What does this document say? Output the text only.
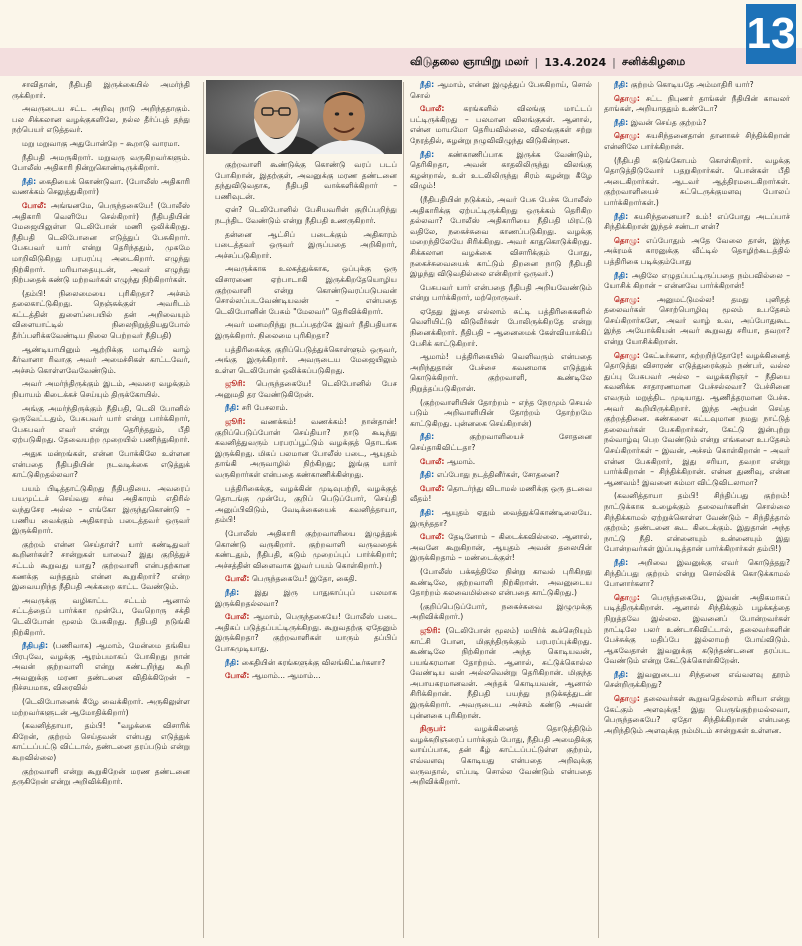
விடுதலை ஞாயிறு மலர் | 13.4.2024 | சனிக்கிழமை
13

சாவிதான், நீதிபதி இருக்கையில் அமர்ந்தி ருக்கிறார்.

அவருடைய சட்ட அறிவு நாடு அறிந்ததாகும். பல சிக்கலான வழக்குகளிலே, நல்ல தீர்ப்புத் தந்து நற்பெயர் எடுத்தவர்.

மறு மறுவாகு அதுபோன்றே – கூறாடு வாரமா.

நீதிபதி அமருகிறார். மறுவரு வருகிறவர்களும். போலீஸ் அதிகாரி நின்றுகொண்டிருக்கிறார்.

நீதி: கைதியைக் கொண்டுவா. (போலீஸ் அதிகாரி வணக்கம் செலுத்துகிறார்)

போலீ: அங்ஙனமே, பெருந்தகையே! (போலீஸ் அதிகாரி வெளியே செல்கிறார்) நீதிபதியின் மேஜையிலுள்ள டெலிபோன் மணி ஒலிக்கிறது. நீதிபதி டெலிபோனை எடுத்துப் பேசுகிறார். பேசுபவர் யார் என்று தெரிந்ததும், முகமே மாறிவிடுகிறது பரபரப்பு அடைகிறார். எழுந்து நிற்கிறார். மரியாதையுடன், அவர் எழுந்து நிற்பதைக் கண்டு மற்றவர்கள் எழுந்து நிற்கிறார்கள்.

(தம்பி! நிலைமையை புரிகிறதா? அச்சம் தலைகாட்டுகிறது. நெஞ்சுக்குள் அவரிடம் கட்டத்தின் துளைப்பையில் தன் அறிவையும் விளையாட்டில் நிலைநிறுத்தியதுபோல் தீர்ப்பளிக்கவேண்டிய நிலை பெற்றவர் நீதிபதி)

ஆண்டியாயினும் ஆற்றிக்கு மாடியில் வாழ் கீர்வானா ரிவாகு அவர் அமைச்சிகள் காட்டவேர், அச்சம் கொள்ளவேவேண்டும்.

அவர் அமர்ந்திருக்கும் இடம், அவரை வழக்கும் நியாயம் கிடைக்கச் செய்யும் திருக்கோயில்.

அங்கு அமர்ந்திருக்கும் நீதிபதி, டெலி போனில் ஒருவேட்டதும், பேசுபவர் யார் என்று பார்க்கிறார், பேசுபவர் எவர் என்று தெரிந்ததும், பீதி ஏற்படுகிறது. தேவையற்ற முறையில் பணிந்துகிறார்.

அதுக மன்றங்கள், என்ன போக்கிலே உள்ளன என்பதை நீதிபதியின் நடவடிக்கை எடுத்துக் காட்டுகிறதல்லவா?

பயம் பிடித்தாட்டுகிறது நீதிபதியை. அவரைப் பயமுட்டச் செய்வது சர்வ அதிகாரம் எதிரில் வந்துசேர அல்ல – எங்கோ இருந்துகொண்டு – பணிய வைக்கும் அதிகாரம் படைத்தவர் ஒருவர் இருக்கிறார்.

குற்றம் என்ன செய்தாள்? யார் கண்டிதுவர் கூறினர்கள்? சான்றுகள் யாவை? இது குறித்துச் சட்டம் கூறுவது யாது? குற்றவாளி என்பதற்கான கணக்கு வந்ததும் என்ன கூறுகிறார்? என்ற இவையறிந்த நீதிபதி அக்கறை காட்ட வேண்டும்.

அவருக்கு வழிகாட்ட சட்டம் ஆனால் சட்டத்தைப் பார்க்கா முன்பே, வேறொரு சக்தி டெலிபோன் மூலம் பேசுகிறது. நீதிபதி நடுங்கி நிற்கிறார்.

நீதிபதி: (பணிவாக) ஆமாம், மேன்மை தங்கிய பிரபுவே, வழக்கு ஆரம்பமாகப் போகிறது நான் அவன் குற்றவாளி என்று கண்டறிந்து கூறி அவனுக்கு மரண தண்டனை விதிக்கிறேன் – நிச்சயமாக, விரைவில்

(டெலிபோனைக் கீழே வைக்கிறார். அருகிலுள்ள மற்றவர்களுடன் ஆமோதிக்கிறார்)

(கவனித்தாயா, தம்பி! "வழக்கை விசாரிக் கிறேன், குற்றம் செய்தவன் என்பது எடுத்துக் காட்டப்பட்டு விட்டால், தண்டனை தரப்படும் என்று கூறவில்லை)

குற்றவாளி என்று கூறுகிறேன் மரண தண்டனை தருகிறேன் என்று அறிவிக்கிறார்.

குற்றவாளி கூண்டுக்கு கொண்டு வரப் படப் போகிறான், இதற்குள், அவனுக்கு மரண தண்டனை தந்துவிடுவதாக, நீதிபதி வாக்களிக்கிறார் – பணிவுடன்.

ஏன்? டெலிபோனில் பேசியவரின் குறிப்பறிந்து நடந்திட வேண்டும் என்று நீதிபதி உணருகிறார்.

தன்னை ஆட்சிப் படைக்கும் அதிகாரம் படைத்தவர் ஒருவர் இருப்பதை அறிகிறார், அச்சப்படுகிறார்.

அவருக்காக உலகத்துக்காக, ஒப்புக்கு ஒரு விசாரணை ஏற்பாடாகி இருக்கிறதேயொழிய குற்றவாளி என்று கொண்டுவரப்படுபவன் சொல்லப்படவேண்டியவன் – என்பதை டெலிபோனின் பேசும் "மேலவர்" தெரிவிக்கிறார்.

அவர் மனமறிந்து நடப்பதற்கே இவர் நீதிபதியாக இருக்கிறார். நிலைமை புரிகிறதா?

பத்திரிகைக்கு குறிப்பெடுத்துக்கொள்ளும் ஒருவர், அங்கு இருக்கிறார். அவருடைய மேஜையிலும் உள்ள டெலிபோன் ஒலிக்கப்படுகிறது.

ஜூரி: பெருந்தகையே! டெலிபோனில் பேச அனுமதி தர வேண்டுகிறேன்.

நீதி: சரி பேசலாம்.

ஜூரி: வணக்கம்! வணக்கம்! நான்தான்! குறிப்பெடுப்போன் செய்தியா? நாடு கூடிந்து கவனித்துவரும் பரபரப்பூட்டும் வழக்குத் தொடங்க இருக்கிறது. மிகப் பலமான போலீஸ் படை, ஆயுதம் தாங்கி அருவாழில் நிற்கிறது; இங்கு யார் வருகிறார்கள் என்பதை கண்காணிக்கின்றது.

பத்திரிகைக்கு, வழக்கின் முடிவுபற்றி, வழக்குத் தொடங்கு முன்பே, குறிப் பெடுப்போர், செய்தி அனுப்பிவிடும், வேடிக்கையைக் கவனித்தாயா, தம்பி!

(போலீஸ் அதிகாரி குற்றவாளியை இழுத்துக் கொண்டு வருகிறார். குற்றவாளி வருவதைக் கண்டதும், நீதிபதி, கடும் முறைப்புப் பார்க்கிறார்; அச்சத்தின் விளைவாக இவர் பயம் கொள்கிறார்.)

போலீ: பெருந்தகையே! இதோ, கைதி.

நீதி: இது இரு பாதுகாப்புப் பலமாக இருக்கிறதல்லவா?

போலீ: ஆமாம், பெருந்தகையே! போலீஸ் படை அதிகப் படுத்தப்பட்டிருக்கிறது. கூறுவதற்கு ஏதேனும் இருக்கிறதா? குற்றவாளிகள் யாரும் தப்பிப் போகமுடியாது.

நீதி: கைதியின் கரங்களுக்கு விலங்கிட்டீர்களா?

போலீ: ஆமாம்... ஆமாம்...

நீதி: ஆமாம், என்ன இழுத்துப் பேசுகிறாய், சொல் சொல்

போலீ: கரங்களில் விலங்கு மாட்டப் பட்டிருக்கிறது – பலமான விலங்குகள். ஆனால், என்ன மாயமோ தெரியவில்லை, விலங்குகள் சற்று நேரத்தில், சுழன்று நழுவிவிழுந்து விடுகின்றன.

நீதி: கண்காணிப்பாக இருக்க வேண்டும், தெரிகிறதா, அவன் காதலிலிருந்து விலங்கு கழன்றால், உள் உடலிலிருந்து சிரம் கழன்று கீழே விழும்!

(நீதிபதியின் நடுக்கம், அவர் பேசு பேச்சு போலீஸ் அதிகாரிக்கு ஏற்பட்டிருக்கிறது ஒருக்கம் தெரிகிற தல்லவா? போலீஸ் அதிகாரியை நீதிபதி மிரட்டு வதிலே, நகைச்சுவை காணப்படுகிறது. வழக்கு மறைந்திலேயே சிரிக்கிறது. அவர் காதுகொடுக்கிறது. சிக்கலான வழக்கை விசாரிக்கும் போது, நகைச்சுவையைக் காட்டும் திறனை நாடு நீதிபதி இழந்து விடுவதில்லை என்கிறார் ஒருவர்.)

பேசுபவர் யார் என்பதை நீதிபதி அறியவேண்டும் என்று பார்க்கிறார், மற்றொருவர்.

ஏதேது இதை எல்லாம் சுட்டி பத்திரிகைகளில் வெளியிட்டு விடுவீர்கள் போலிருக்கிறதே என்று நினைக்கிறார். நீதிபதி – ஆனைமைக் கேள்வியாக்கிப் பேசிக் காட்டுகிறார்.

ஆமாம்! பத்திரிகையில் வெளிவரும் என்பதை அறிந்துதான் பேச்சை கவனமாக எடுத்துக் கொடுக்கிறார். குற்றவாளி, கூண்டிலே நிறுத்தப்படுகிறான்.

(குற்றவாளியின் தோற்றம் – எந்த நேரமும் செயல் படும் அறிவாளியின் தோற்றம் தோற்றமே காட்டுகிறது. புன்னகை செய்கிறான்)

நீதி: குற்றவாளியைச் சோதனை செய்தாகிவிட்டதா?

போலீ: ஆமாம்.

நீதி: எப்போது நடத்தினீர்கள், சோதனை?

போலீ: தொடர்ந்து விடாமல் மணிக்கு ஒரு தடவை வீதம்!

நீதி: ஆயுதம் ஏதும் வைத்துக்கொண்டிலையே. இருந்ததா?

போலீ: தேடினோம் – கிடைக்கவில்லை. ஆனால், அவனே கூறுகிறான், ஆயுதம் அவன் தலையின் இருக்கிறதாம் – மண்டைக்குள்!

(போலீஸ் பக்கத்திலே நின்று காவல் புரிகிறது கூண்டிலே, குற்றவாளி நிற்கிறான். அவனுடைய தோற்றம் கலவைமில்லை என்பதை காட்டுகிறது.)

(குறிப்பெடுப்போர், நகைச்சுவை இழுமுக்கு அறிவிக்கிறார்.)

ஜூரி: (டெலிபோன் மூலம்) மயிர்க் கூச்செறியும் காட்சி போன, மிகுந்திருக்கும் பரபரப்புக்கிறது. கூண்டிலே நிற்கிறான் அந்த கொடியவன், பயங்கரமான தோற்றம். ஆனால், சுட்டுக்கொல்ல வேண்டிய வன் அல்லவென்று தெரிகிறான். மிகுந்த அபாயகரமானவன். அந்தக் கொடியவன், ஆனால் சிரிக்கிறான். நீதிபதி பயந்து நடுக்கத்துடன் இருக்கிறார். அவருடைய அச்சம் கண்டு அவன் புன்னகை புரிகிறான்.

நிருபர்: வழக்கினைத் தொடுத்திடும் வழக்கறிஞரைப் பார்க்கும் போது, நீதிபதி அமைதிக்கு வாய்ப்பாக, தன் கீழ் காட்டப்பட்டுள்ள குற்றம், எவ்வளவு கொடியது என்பதை அறிவுக்கு வருவதால், எப்படி சொல்ல வேண்டும் என்பதை அறிவிக்கிறார்.

நீதி: குற்றம் கொடியதே அம்மாதிரி யார்?

தொழு: சட்ட நிபுணர் தாங்கள் நீதியின் காவலர் தாங்கள், அறியாததும் உண்டோ?

நீதி: இவன் செய்த குற்றம்?

தொழு: சுயசிந்தனைதான் தானாகச் சிந்திக்கிறான் என்னிலே பார்க்கிறான்.

(நீதிபதி கடுங்கோபம் கொள்கிறார். வழக்கு தொடுத்திடுவோர் பதறுகிறார்கள். பொன்கள் பீதி அடைகிறார்கள். ஆடவர் ஆத்திரமடைகிறார்கள். குற்றவாளியைச் சுட்டெருக்குமளவு போலப் பார்க்கிறார்கள்.)

நீதி: சுயசிந்தனையா? உம்! எப்போது அடப்பாச் சிந்திக்கிறான் இந்தச் சண்டா ளன்?

தொழு: எப்போதும் அதே வேலை தான், இந்த அக்ரமக் காரனுக்கு வீட்டில் தொழிற்கூடத்தில் பத்திரிகை படிக்கும்போது

நீதி: அதிலே எழுதப்பட்டிருப்பதை நம்பவில்லை – யோசிக் கிறான் – என்னவே பார்க்கிறான்!

தொழு: அனுமட்டுமல்ல! தமது புனிதத் தலைவர்கள் சொற்பொழிவு மூலம் உபதேசம் செய்கிறார்களே, அவர் வாழ் உவ, அப்போதுகூட இந்த அயோக்கியன் அவர் கூறுவது சரியா, தவறா? என்று யோசிக்கிறான்.

தொழு: கேட்டீர்களா, கற்றறிந்தோரே! வழக்கினைத் தொடுத்து விசாரண் எடுத்துரைக்கும் நண்பர், வல்ல துப்பு பேசுபவர் அல்ல – வழக்கறிஞர் – நீதியை கவனிக்க சாதாரணமான பேச்சல்லவா? பேச்சினை எவரும் மறுத்திட முடியாது. ஆணித்தரமான பேச்சு. அவர் கூறியிருக்கிறார். இந்த அற்பன் செய்த குற்றத்தினை. கண்களை கட்டவுமான நமது நாட்டுத் தலைவர்கள் பேசுகிறார்கள், கேட்டு இன்புற்று நல்வாழ்வு பெற வேண்டும் என்று எங்களை உபதேசம் செய்கிறார்கள் – இவன், அச்சம் கொள்கிறான் – அவர் என்ன பேசுகிறார், இது சரியா, தவறா என்று பார்க்கிறான் – சிந்திக்கிறான். என்ன துணிவு, என்ன ஆணவம்! இவனை சும்மா விட்டுவிடலாமா?

(கவனித்தாயா தம்பி! சிந்திப்பது குற்றம்! நாட்டுக்காக உழைக்கும் தலைவர்களின் சொல்லை சிந்திக்காமல் ஏற்றுக்கொள்ள வேண்டும் – சிந்தித்தால் குற்றம்; தண்டனை கூட கிடைக்கும். இதுதான் அந்த நாட்டு நீதி. என்னையும் உன்னையும் இது போன்றவர்கள் இப்படித்தான் பார்க்கிறார்கள் தம்பி!)

நீதி: அறிவை இவனுக்கு எவர் கொடுத்தது? சிந்திப்பது குற்றம் என்று சொல்லிக் கொடுக்காமல் போனார்களா?

தொழு: பெருந்தகையே, இவன் அதிகமாகப் படித்திருக்கிறான். ஆனால் சிந்திக்கும் பழக்கத்தை நிறுத்தவே இல்லை. இவனைப் போன்றவர்கள் நாட்டிலே பலர் உண்டாகிவிட்டால், தலைவர்களின் பேச்சுக்கு மதிப்பே இல்லாமற் போய்விடும். ஆகவேதான் இவனுக்கு கடுந்தண்டனை தரப்பட வேண்டும் என்று கேட்டுக்கொள்கிறேன்.

நீதி: இவனுடைய சிந்தனை எவ்வளவு தூரம் சென்றிருக்கிறது?

தொழு: தலைவர்கள் கூறுவதெல்லாம் சரியா என்று கேட்கும் அளவுக்கு! இது பெருங்குற்றமல்லவா, பெருந்தகையே? ஏதோ சிந்திக்கிறான் என்பதை அறிந்திடும் அளவுக்கு நம்மிடம் சான்றுகள் உள்ளன.
